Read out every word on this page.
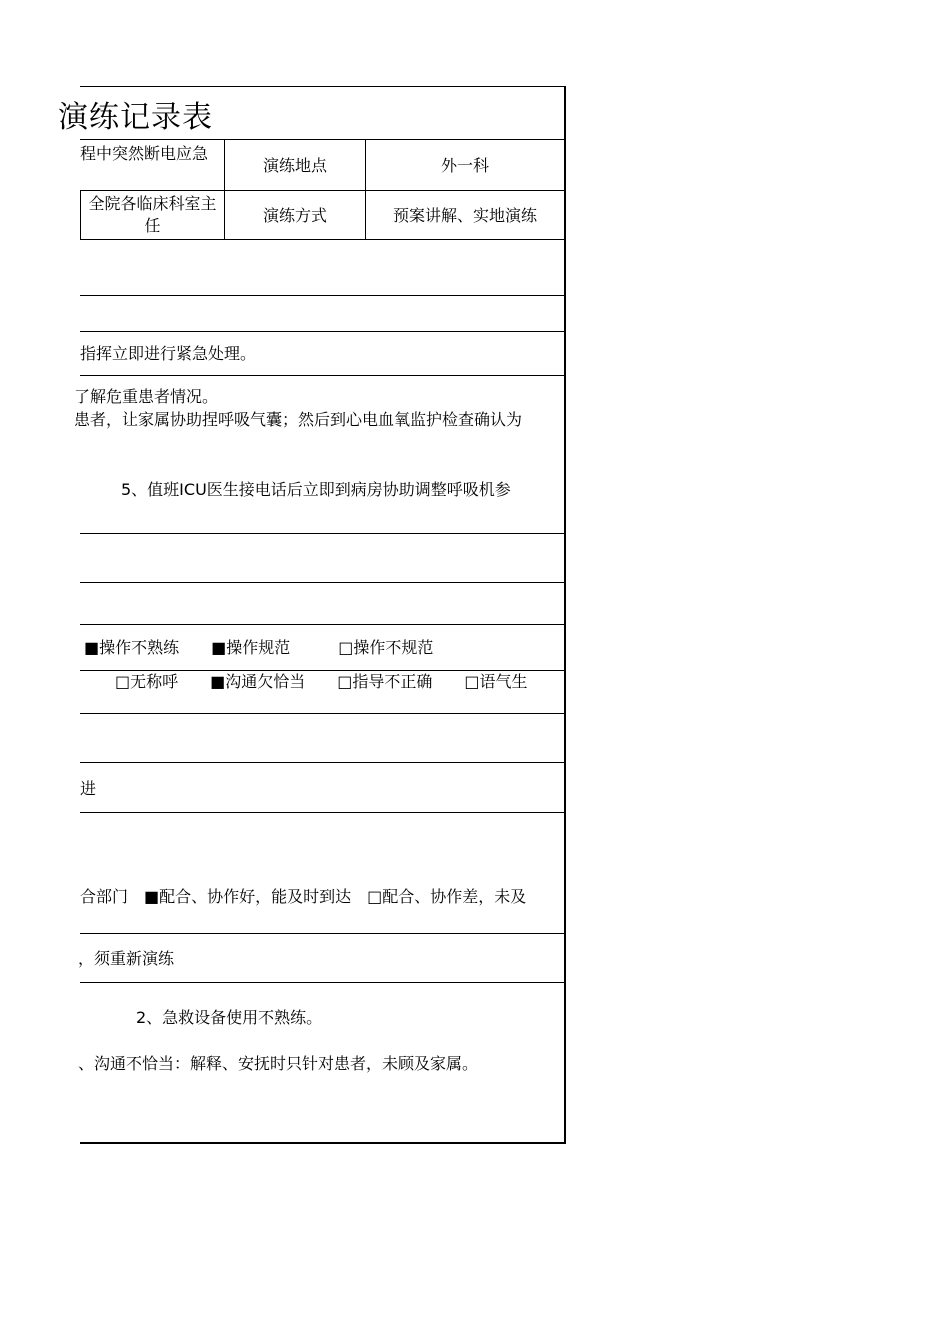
演练记录表
程中突然断电应急
演练地点	外一科
全院各临床科室主
任
演练方式	预案讲解、实地演练
指挥立即进行紧急处理。
了解危重患者情况。
患者，让家属协助捏呼吸气囊；然后到心电血氧监护检查确认为
5、值班ICU医生接电话后立即到病房协助调整呼吸机参
■操作不熟练　　■操作规范　　　□操作不规范
□无称呼　　■沟通欠恰当　　□指导不正确　　□语气生
进
合部门　■配合、协作好，能及时到达　□配合、协作差，未及
，须重新演练
2、急救设备使用不熟练。
、沟通不恰当：解释、安抚时只针对患者，未顾及家属。
